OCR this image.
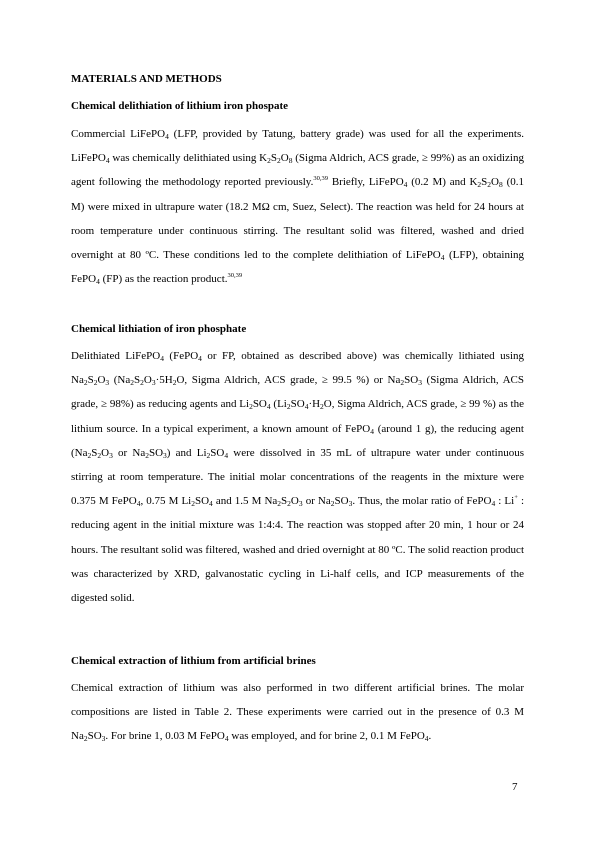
MATERIALS AND METHODS
Chemical delithiation of lithium iron phospate

Commercial LiFePO$_4$ (LFP, provided by Tatung, battery grade) was used for all the experiments. LiFePO$_4$ was chemically delithiated using $K_2S_2O_8$ (Sigma Aldrich, ACS grade, ≥ 99%) as an oxidizing agent following the methodology reported previously.$^{30,39}$ Briefly, LiFePO$_4$ (0.2 M) and $K_2S_2O_8$ (0.1 M) were mixed in ultrapure water (18.2 MΩ cm, Suez, Select). The reaction was held for 24 hours at room temperature under continuous stirring. The resultant solid was filtered, washed and dried overnight at 80 ºC. These conditions led to the complete delithiation of LiFePO$_4$ (LFP), obtaining FePO$_4$ (FP) as the reaction product.$^{30,39}$

Chemical lithiation of iron phosphate

Delithiated LiFePO$_4$ (FePO$_4$ or FP, obtained as described above) was chemically lithiated using $Na_2S_2O_3$ ($Na_2S_2O_3\cdot 5H_2O$, Sigma Aldrich, ACS grade, ≥ 99.5 %) or $Na_2SO_3$ (Sigma Aldrich, ACS grade, ≥ 98%) as reducing agents and $Li_2SO_4$ ($Li_2SO_4\cdot H_2O$, Sigma Aldrich, ACS grade, ≥ 99 %) as the lithium source. In a typical experiment, a known amount of FePO$_4$ (around 1 g), the reducing agent ($Na_2S_2O_3$ or $Na_2SO_3$) and $Li_2SO_4$ were dissolved in 35 mL of ultrapure water under continuous stirring at room temperature. The initial molar concentrations of the reagents in the mixture were 0.375 M FePO$_4$, 0.75 M $Li_2SO_4$ and 1.5 M $Na_2S_2O_3$ or $Na_2SO_3$. Thus, the molar ratio of FePO$_4$ : Li+ : reducing agent in the initial mixture was 1:4:4. The reaction was stopped after 20 min, 1 hour or 24 hours. The resultant solid was filtered, washed and dried overnight at 80 ºC. The solid reaction product was characterized by XRD, galvanostatic cycling in Li-half cells, and ICP measurements of the digested solid.

Chemical extraction of lithium from artificial brines

Chemical extraction of lithium was also performed in two different artificial brines. The molar compositions are listed in Table 2. These experiments were carried out in the presence of 0.3 M $Na_2SO_3$. For brine 1, 0.03 M FePO$_4$ was employed, and for brine 2, 0.1 M FePO$_4$.

7
